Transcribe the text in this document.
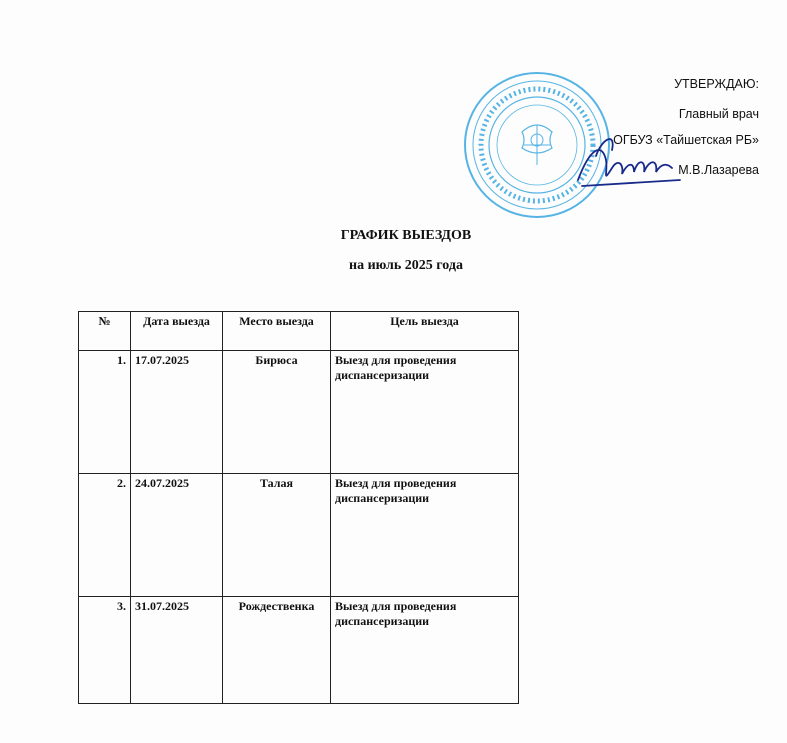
УТВЕРЖДАЮ:
Главный врач
ОГБУЗ «Тайшетская РБ»
М.В.Лазарева
ГРАФИК ВЫЕЗДОВ
на июль 2025 года
№	Дата выезда	Место выезда	Цель выезда
1.	17.07.2025	Бирюса	Выезд для проведения диспансеризации
2.	24.07.2025	Талая	Выезд для проведения диспансеризации
3.	31.07.2025	Рождественка	Выезд для проведения диспансеризации
